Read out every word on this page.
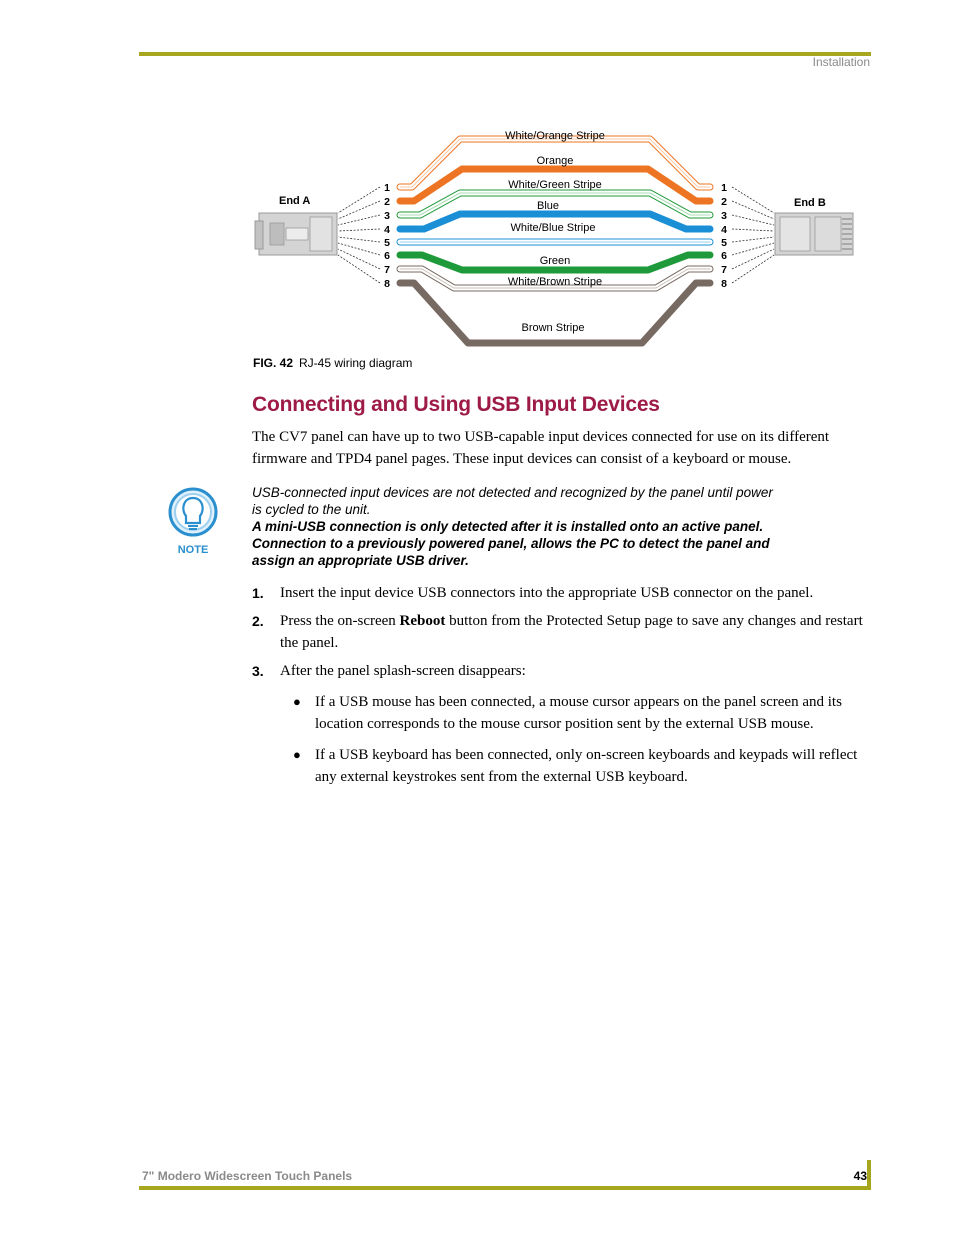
Installation
White/Orange Stripe
Orange
White/Green Stripe
Blue
White/Blue Stripe
Green
White/Brown Stripe
Brown Stripe
End A	End B
1
2
3
4
5
6
7
8
1
2
3
4
5
6
7
8
FIG. 42 RJ-45 wiring diagram
Connecting and Using USB Input Devices

The CV7 panel can have up to two USB-capable input devices connected for use on its different firmware and TPD4 panel pages. These input devices can consist of a keyboard or mouse.

NOTE

USB-connected input devices are not detected and recognized by the panel until power is cycled to the unit.

A mini-USB connection is only detected after it is installed onto an active panel. Connection to a previously powered panel, allows the PC to detect the panel and assign an appropriate USB driver.

1. Insert the input device USB connectors into the appropriate USB connector on the panel.
2. Press the on-screen Reboot button from the Protected Setup page to save any changes and restart the panel.
3. After the panel splash-screen disappears:
● If a USB mouse has been connected, a mouse cursor appears on the panel screen and its location corresponds to the mouse cursor position sent by the external USB mouse.
● If a USB keyboard has been connected, only on-screen keyboards and keypads will reflect any external keystrokes sent from the external USB keyboard.
7" Modero Widescreen Touch Panels	43
